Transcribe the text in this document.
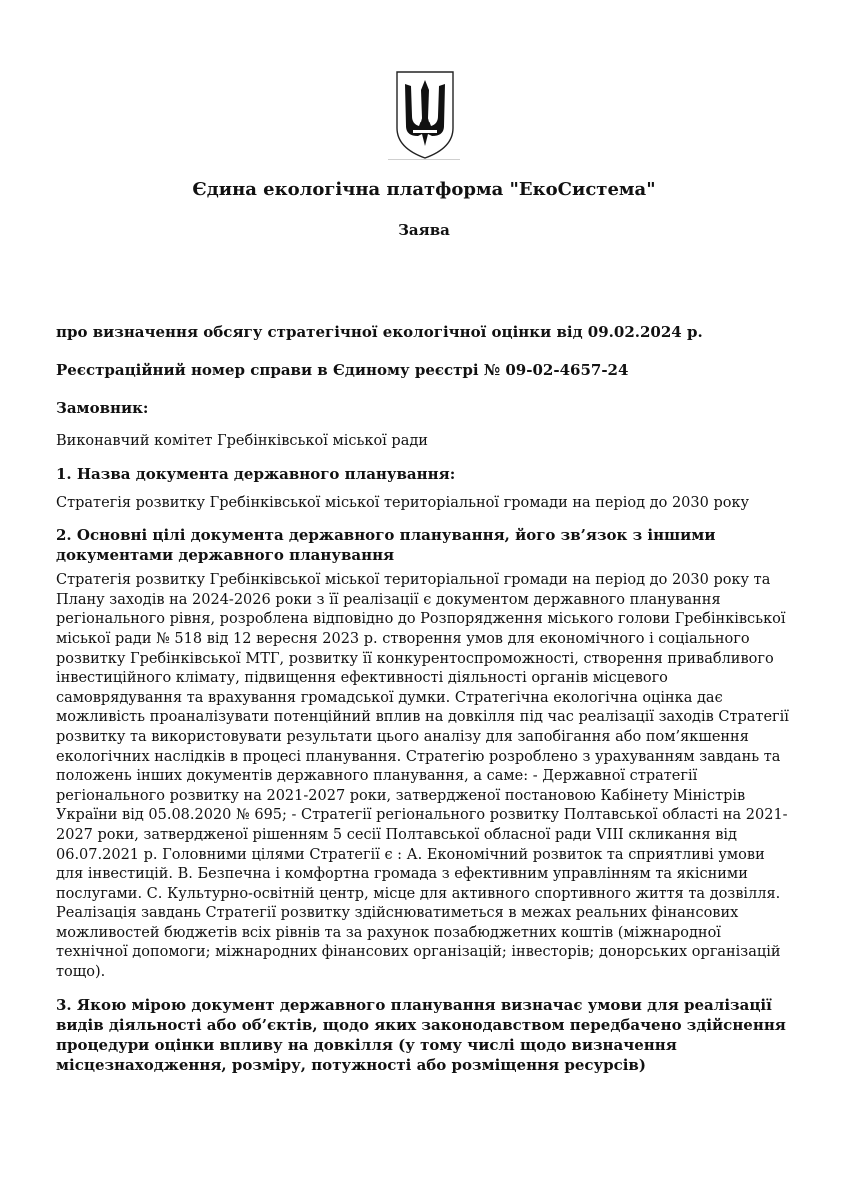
Єдина екологічна платформа "ЕкоСистема"
Заява

про визначення обсягу стратегічної екологічної оцінки від 09.02.2024 р.

Реєстраційний номер справи в Єдиному реєстрі № 09-02-4657-24

Замовник:

Виконавчий комітет Гребінківської міської ради

1. Назва документа державного планування:

Стратегія розвитку Гребінківської міської територіальної громади на період до 2030 року

2. Основні цілі документа державного планування, його зв’язок з іншими документами державного планування

Стратегія розвитку Гребінківської міської територіальної громади на період до 2030 року та Плану заходів на 2024-2026 роки з її реалізації є документом державного планування регіонального рівня, розроблена відповідно до Розпорядження міського голови Гребінківської міської ради № 518 від 12 вересня 2023 р. створення умов для економічного і соціального розвитку Гребінківської МТГ, розвитку її конкурентоспроможності, створення привабливого інвестиційного клімату, підвищення ефективності діяльності органів місцевого самоврядування та врахування громадської думки. Стратегічна екологічна оцінка дає можливість проаналізувати потенційний вплив на довкілля під час реалізації заходів Стратегії розвитку та використовувати результати цього аналізу для запобігання або пом’якшення екологічних наслідків в процесі планування. Стратегію розроблено з урахуванням завдань та положень інших документів державного планування, а саме: - Державної стратегії регіонального розвитку на 2021-2027 роки, затвердженої постановою Кабінету Міністрів України від 05.08.2020 № 695; - Стратегії регіонального розвитку Полтавської області на 2021-2027 роки, затвердженої рішенням 5 сесії Полтавської обласної ради VIII скликання від 06.07.2021 р. Головними цілями Стратегії є : А. Економічний розвиток та сприятливі умови для інвестицій. В. Безпечна і комфортна громада з ефективним управлінням та якісними послугами. С. Культурно-освітній центр, місце для активного спортивного життя та дозвілля. Реалізація завдань Стратегії розвитку здійснюватиметься в межах реальних фінансових можливостей бюджетів всіх рівнів та за рахунок позабюджетних коштів (міжнародної технічної допомоги; міжнародних фінансових організацій; інвесторів; донорських організацій тощо).

3. Якою мірою документ державного планування визначає умови для реалізації видів діяльності або об’єктів, щодо яких законодавством передбачено здійснення процедури оцінки впливу на довкілля (у тому числі щодо визначення місцезнаходження, розміру, потужності або розміщення ресурсів)
